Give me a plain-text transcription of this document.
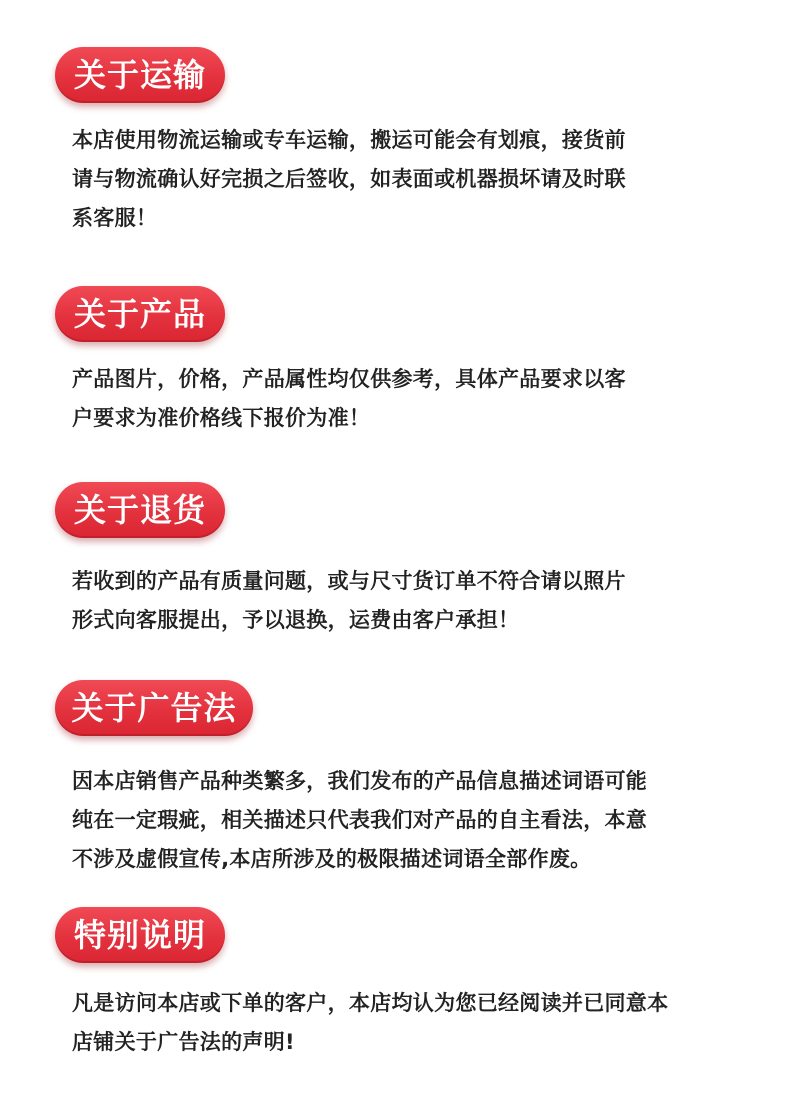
关于运输
本店使用物流运输或专车运输，搬运可能会有划痕，接货前
请与物流确认好完损之后签收，如表面或机器损坏请及时联
系客服！
关于产品
产品图片，价格，产品属性均仅供参考，具体产品要求以客
户要求为准价格线下报价为准！
关于退货
若收到的产品有质量问题，或与尺寸货订单不符合请以照片
形式向客服提出，予以退换，运费由客户承担！
关于广告法
因本店销售产品种类繁多，我们发布的产品信息描述词语可能
纯在一定瑕疵，相关描述只代表我们对产品的自主看法，本意
不涉及虚假宣传,本店所涉及的极限描述词语全部作废。
特别说明
凡是访问本店或下单的客户，本店均认为您已经阅读并已同意本
店铺关于广告法的声明!
